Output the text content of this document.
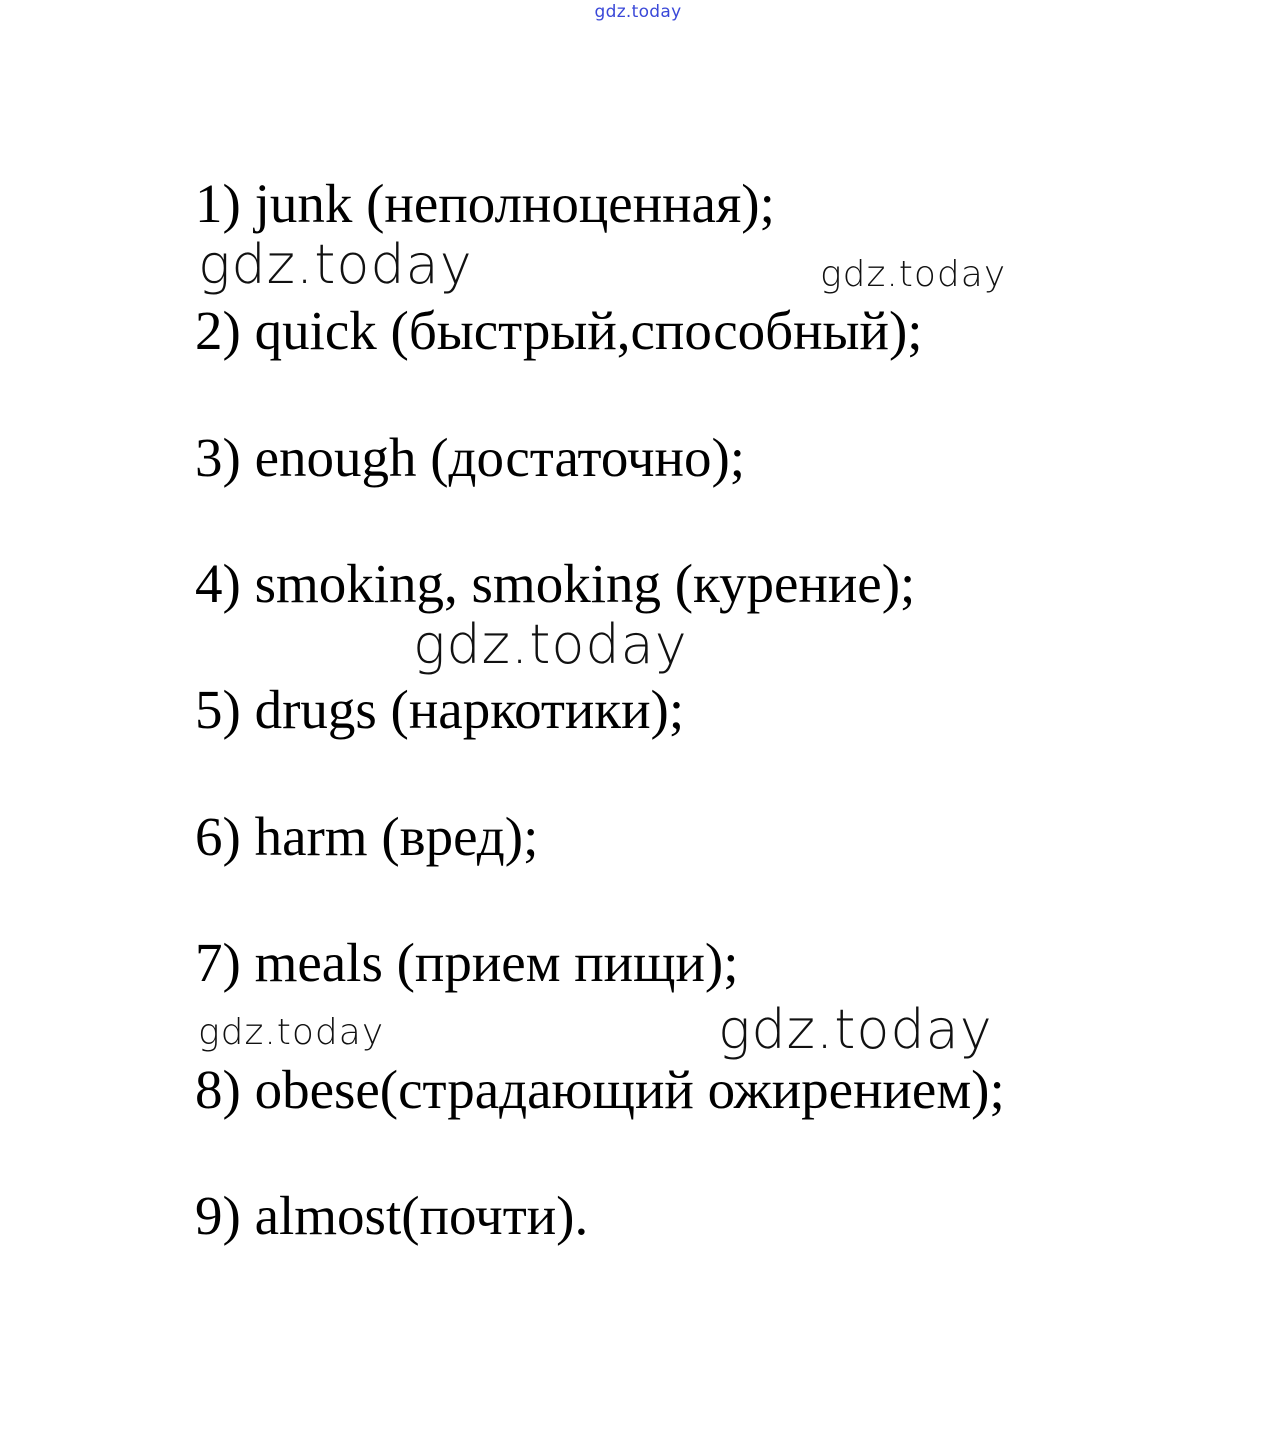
gdz.today
1) junk (неполноценная);
gdz.today	gdz.today
2) quick (быстрый,способный);
3) enough (достаточно);
4) smoking, smoking (курение);
gdz.today
5) drugs (наркотики);
6) harm (вред);
7) meals (прием пищи);
gdz.today	gdz.today
8) obese(страдающий ожирением);
9) almost(почти).
